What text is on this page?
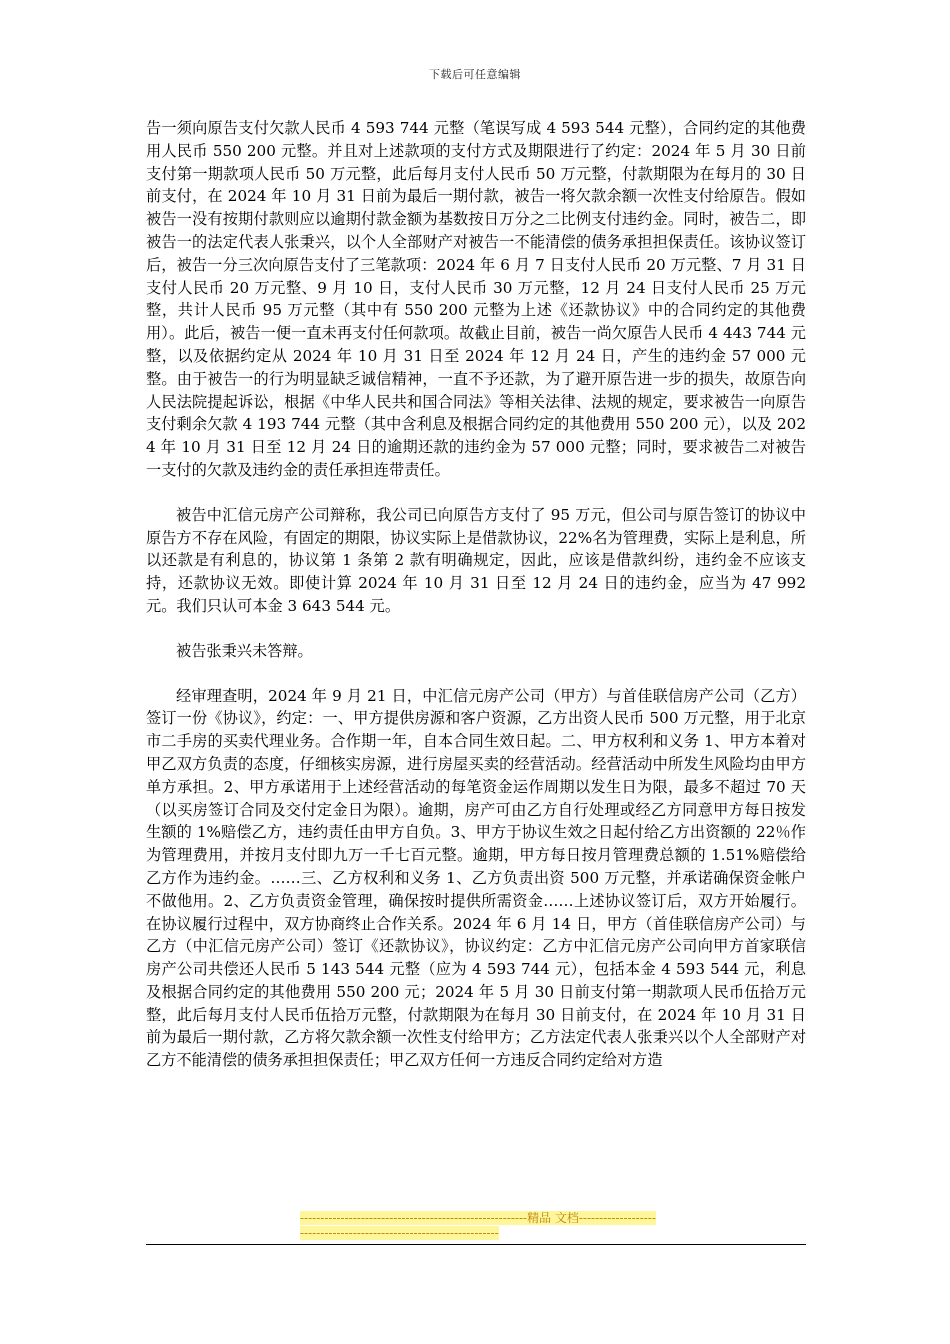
下载后可任意编辑

告一须向原告支付欠款人民币 4 593 744 元整（笔误写成 4 593 544 元整），合同约定的其他费用人民币 550 200 元整。并且对上述款项的支付方式及期限进行了约定：2024 年 5 月 30 日前支付第一期款项人民币 50 万元整，此后每月支付人民币 50 万元整，付款期限为在每月的 30 日前支付，在 2024 年 10 月 31 日前为最后一期付款，被告一将欠款余额一次性支付给原告。假如被告一没有按期付款则应以逾期付款金额为基数按日万分之二比例支付违约金。同时，被告二，即被告一的法定代表人张秉兴，以个人全部财产对被告一不能清偿的债务承担担保责任。该协议签订后，被告一分三次向原告支付了三笔款项：2024 年 6 月 7 日支付人民币 20 万元整、7 月 31 日支付人民币 20 万元整、9 月 10 日，支付人民币 30 万元整，12 月 24 日支付人民币 25 万元整，共计人民币 95 万元整（其中有 550 200 元整为上述《还款协议》中的合同约定的其他费用）。此后，被告一便一直未再支付任何款项。故截止目前，被告一尚欠原告人民币 4 443 744 元整，以及依据约定从 2024 年 10 月 31 日至 2024 年 12 月 24 日，产生的违约金 57 000 元整。由于被告一的行为明显缺乏诚信精神，一直不予还款，为了避开原告进一步的损失，故原告向人民法院提起诉讼，根据《中华人民共和国合同法》等相关法律、法规的规定，要求被告一向原告支付剩余欠款 4 193 744 元整（其中含利息及根据合同约定的其他费用 550 200 元），以及 2024 年 10 月 31 日至 12 月 24 日的逾期还款的违约金为 57 000 元整；同时，要求被告二对被告一支付的欠款及违约金的责任承担连带责任。

被告中汇信元房产公司辩称，我公司已向原告方支付了 95 万元，但公司与原告签订的协议中原告方不存在风险，有固定的期限，协议实际上是借款协议，22%名为管理费，实际上是利息，所以还款是有利息的，协议第 1 条第 2 款有明确规定，因此，应该是借款纠纷，违约金不应该支持，还款协议无效。即使计算 2024 年 10 月 31 日至 12 月 24 日的违约金，应当为 47 992 元。我们只认可本金 3 643 544 元。

被告张秉兴未答辩。

经审理查明，2024 年 9 月 21 日，中汇信元房产公司（甲方）与首佳联信房产公司（乙方）签订一份《协议》，约定：一、甲方提供房源和客户资源，乙方出资人民币 500 万元整，用于北京市二手房的买卖代理业务。合作期一年，自本合同生效日起。二、甲方权利和义务 1、甲方本着对甲乙双方负责的态度，仔细核实房源，进行房屋买卖的经营活动。经营活动中所发生风险均由甲方单方承担。2、甲方承诺用于上述经营活动的每笔资金运作周期以发生日为限，最多不超过 70 天（以买房签订合同及交付定金日为限）。逾期，房产可由乙方自行处理或经乙方同意甲方每日按发生额的 1%赔偿乙方，违约责任由甲方自负。3、甲方于协议生效之日起付给乙方出资额的 22％作为管理费用，并按月支付即九万一千七百元整。逾期，甲方每日按月管理费总额的 1.51%赔偿给乙方作为违约金。……三、乙方权利和义务 1、乙方负责出资 500 万元整，并承诺确保资金帐户不做他用。2、乙方负责资金管理，确保按时提供所需资金……上述协议签订后，双方开始履行。在协议履行过程中，双方协商终止合作关系。2024 年 6 月 14 日，甲方（首佳联信房产公司）与乙方（中汇信元房产公司）签订《还款协议》，协议约定：乙方中汇信元房产公司向甲方首家联信房产公司共偿还人民币 5 143 544 元整（应为 4 593 744 元），包括本金 4 593 544 元，利息及根据合同约定的其他费用 550 200 元；2024 年 5 月 30 日前支付第一期款项人民币伍拾万元整，此后每月支付人民币伍拾万元整，付款期限为在每月 30 日前支付，在 2024 年 10 月 31 日前为最后一期付款，乙方将欠款余额一次性支付给甲方；乙方法定代表人张秉兴以个人全部财产对乙方不能清偿的债务承担担保责任；甲乙双方任何一方违反合同约定给对方造

--------------------------------------------------------精品 文档--------------------------------------------------------------------
